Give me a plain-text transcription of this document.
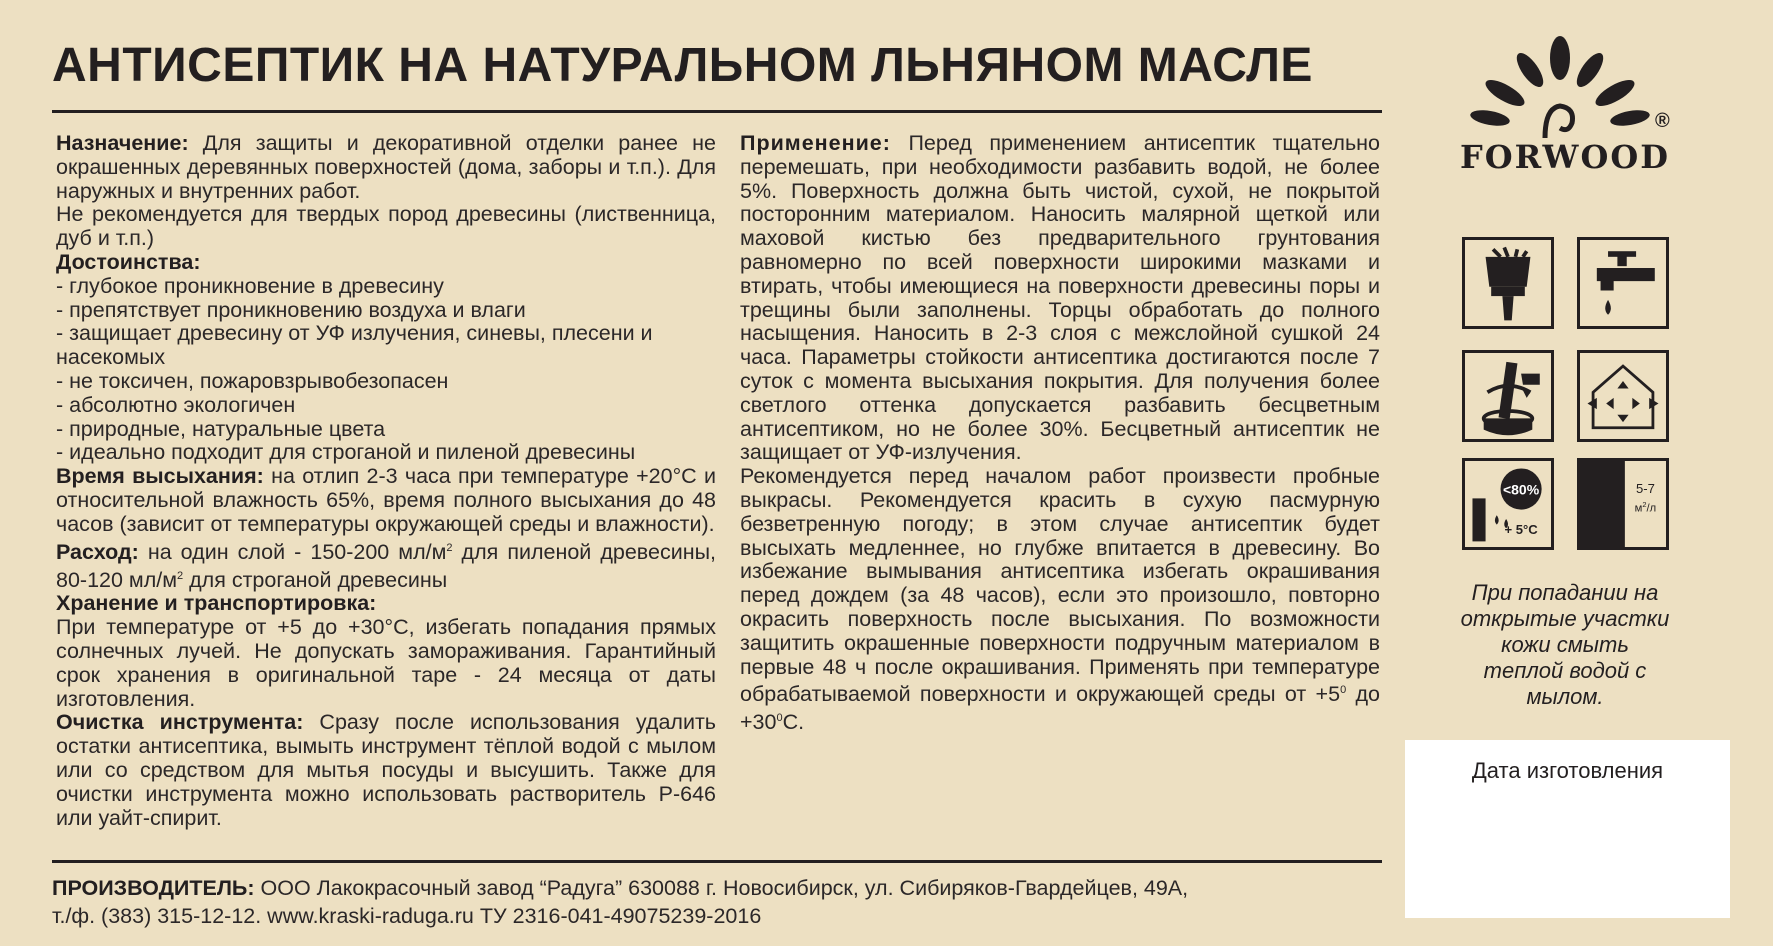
АНТИСЕПТИК НА НАТУРАЛЬНОМ ЛЬНЯНОМ МАСЛЕ

Назначение: Для защиты и декоративной отделки ранее не окрашенных деревянных поверхностей (дома, заборы и т.п.). Для наружных и внутренних работ.

Не рекомендуется для твердых пород древесины (лиственница, дуб и т.п.)

Достоинства:

- глубокое проникновение в древесину

- препятствует проникновению воздуха и влаги

- защищает древесину от УФ излучения, синевы, плесени и насекомых

- не токсичен, пожаровзрывобезопасен

- абсолютно экологичен

- природные, натуральные цвета

- идеально подходит для строганой и пиленой древесины

Время высыхания: на отлип 2-3 часа при температуре +20°С и относительной влажность 65%, время полного высыхания до 48 часов (зависит от температуры окружающей среды и влажности).

Расход: на один слой - 150-200 $мл/м^2$ для пиленой древесины, 80-120 $мл/м^2$ для строганой древесины

Хранение и транспортировка:

При температуре от +5 до +30°С, избегать попадания прямых солнечных лучей. Не допускать замораживания. Гарантийный срок хранения в оригинальной таре - 24 месяца от даты изготовления.

Очистка инструмента: Сразу после использования удалить остатки антисептика, вымыть инструмент тёплой водой с мылом или со средством для мытья посуды и высушить. Также для очистки инструмента можно использовать растворитель Р-646 или уайт-спирит.

Применение: Перед применением антисептик тщательно перемешать, при необходимости разбавить водой, не более 5%. Поверхность должна быть чистой, сухой, не покрытой посторонним материалом. Наносить малярной щеткой или маховой кистью без предварительного грунтования равномерно по всей поверхности широкими мазками и втирать, чтобы имеющиеся на поверхности древесины поры и трещины были заполнены. Торцы обработать до полного насыщения. Наносить в 2-3 слоя с межслойной сушкой 24 часа. Параметры стойкости антисептика достигаются после 7 суток с момента высыхания покрытия. Для получения более светлого оттенка допускается разбавить бесцветным антисептиком, но не более 30%. Бесцветный антисептик не защищает от УФ-излучения.

Рекомендуется перед началом работ произвести пробные выкрасы. Рекомендуется красить в сухую пасмурную безветренную погоду; в этом случае антисептик будет высыхать медленнее, но глубже впитается в древесину. Во избежание вымывания антисептика избегать окрашивания перед дождем (за 48 часов), если это произошло, повторно окрасить поверхность после высыхания. По возможности защитить окрашенные поверхности подручным материалом в первые 48 ч после окрашивания. Применять при температуре обрабатываемой поверхности и окружающей среды от $+5^0$ до $+30^0С$.

FORWOOD
®
<80%
+ 5°C
5-7
$м^2/л$
При попадании на открытые участки кожи смыть теплой водой с мылом.
Дата изготовления
ПРОИЗВОДИТЕЛЬ: ООО Лакокрасочный завод “Радуга” 630088 г. Новосибирск, ул. Сибиряков-Гвардейцев, 49А,
т./ф. (383) 315-12-12. www.kraski-raduga.ru ТУ 2316-041-49075239-2016
